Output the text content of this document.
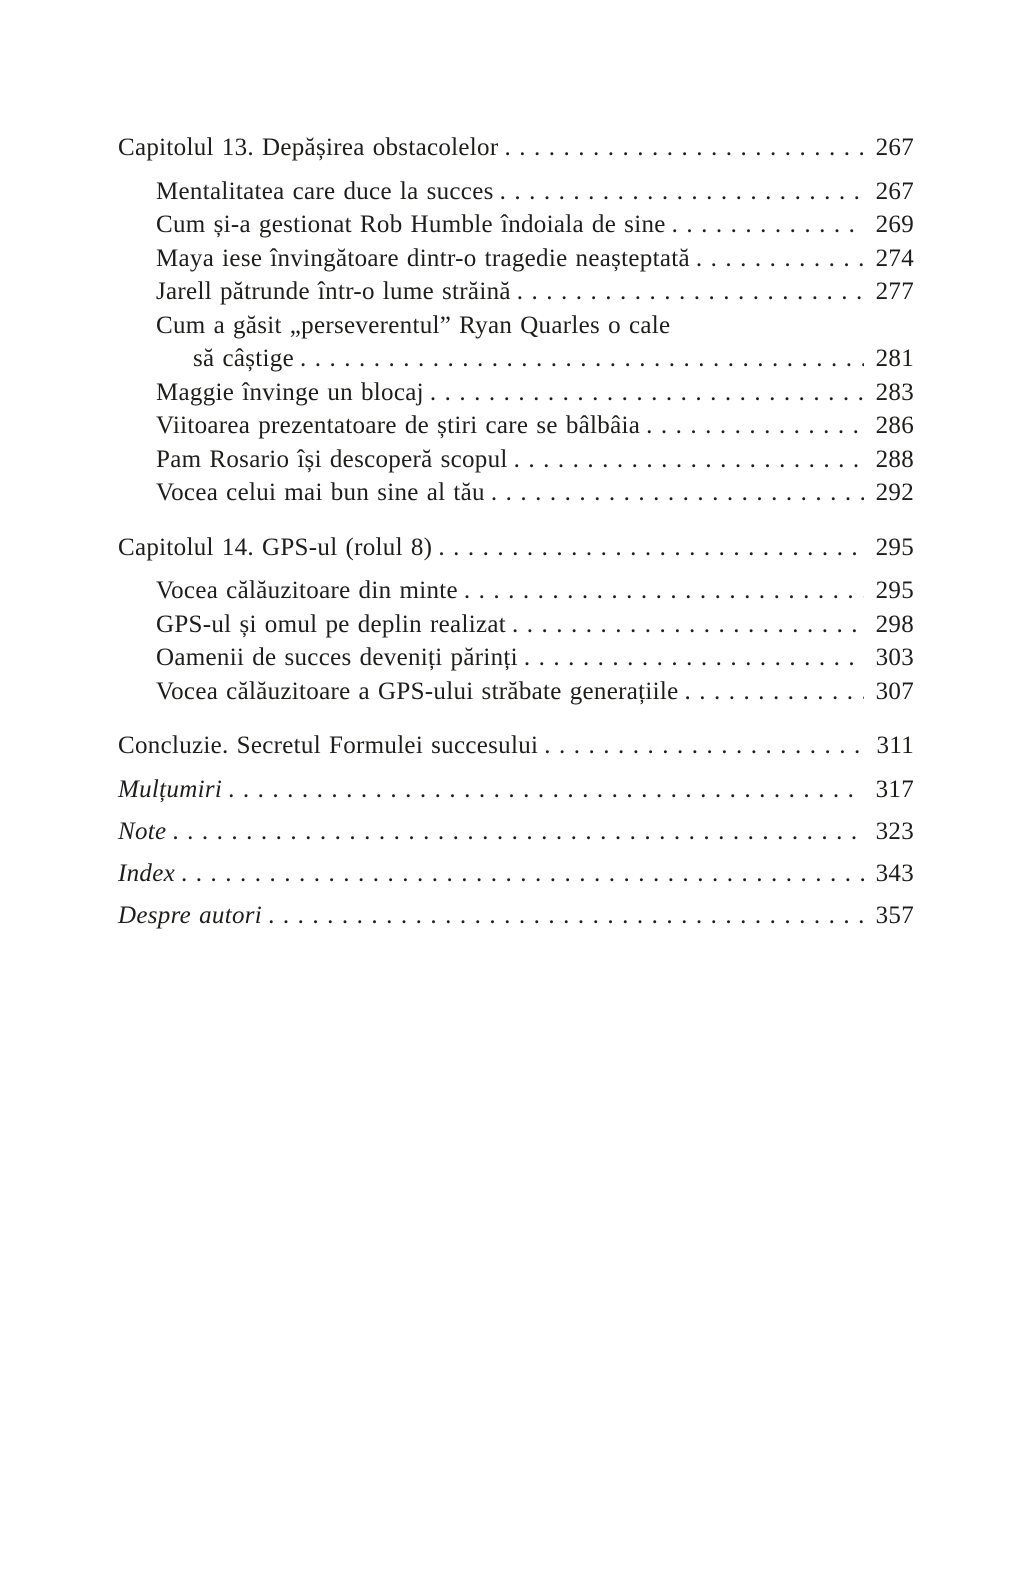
Capitolul 13. Depășirea obstacolelor .....	267
Mentalitatea care duce la succes .....	267
Cum și-a gestionat Rob Humble îndoiala de sine .....	269
Maya iese învingătoare dintr-o tragedie neașteptată .....	274
Jarell pătrunde într-o lume străină .....	277
Cum a găsit „perseverentul” Ryan Quarles o cale
să câștige .....	281
Maggie învinge un blocaj .....	283
Viitoarea prezentatoare de știri care se bâlbâia .....	286
Pam Rosario își descoperă scopul .....	288
Vocea celui mai bun sine al tău .....	292
Capitolul 14. GPS-ul (rolul 8) .....	295
Vocea călăuzitoare din minte .....	295
GPS-ul și omul pe deplin realizat .....	298
Oamenii de succes deveniți părinți .....	303
Vocea călăuzitoare a GPS-ului străbate generațiile .....	307
Concluzie. Secretul Formulei succesului .....	311
Mulțumiri .....	317
Note .....	323
Index .....	343
Despre autori .....	357
